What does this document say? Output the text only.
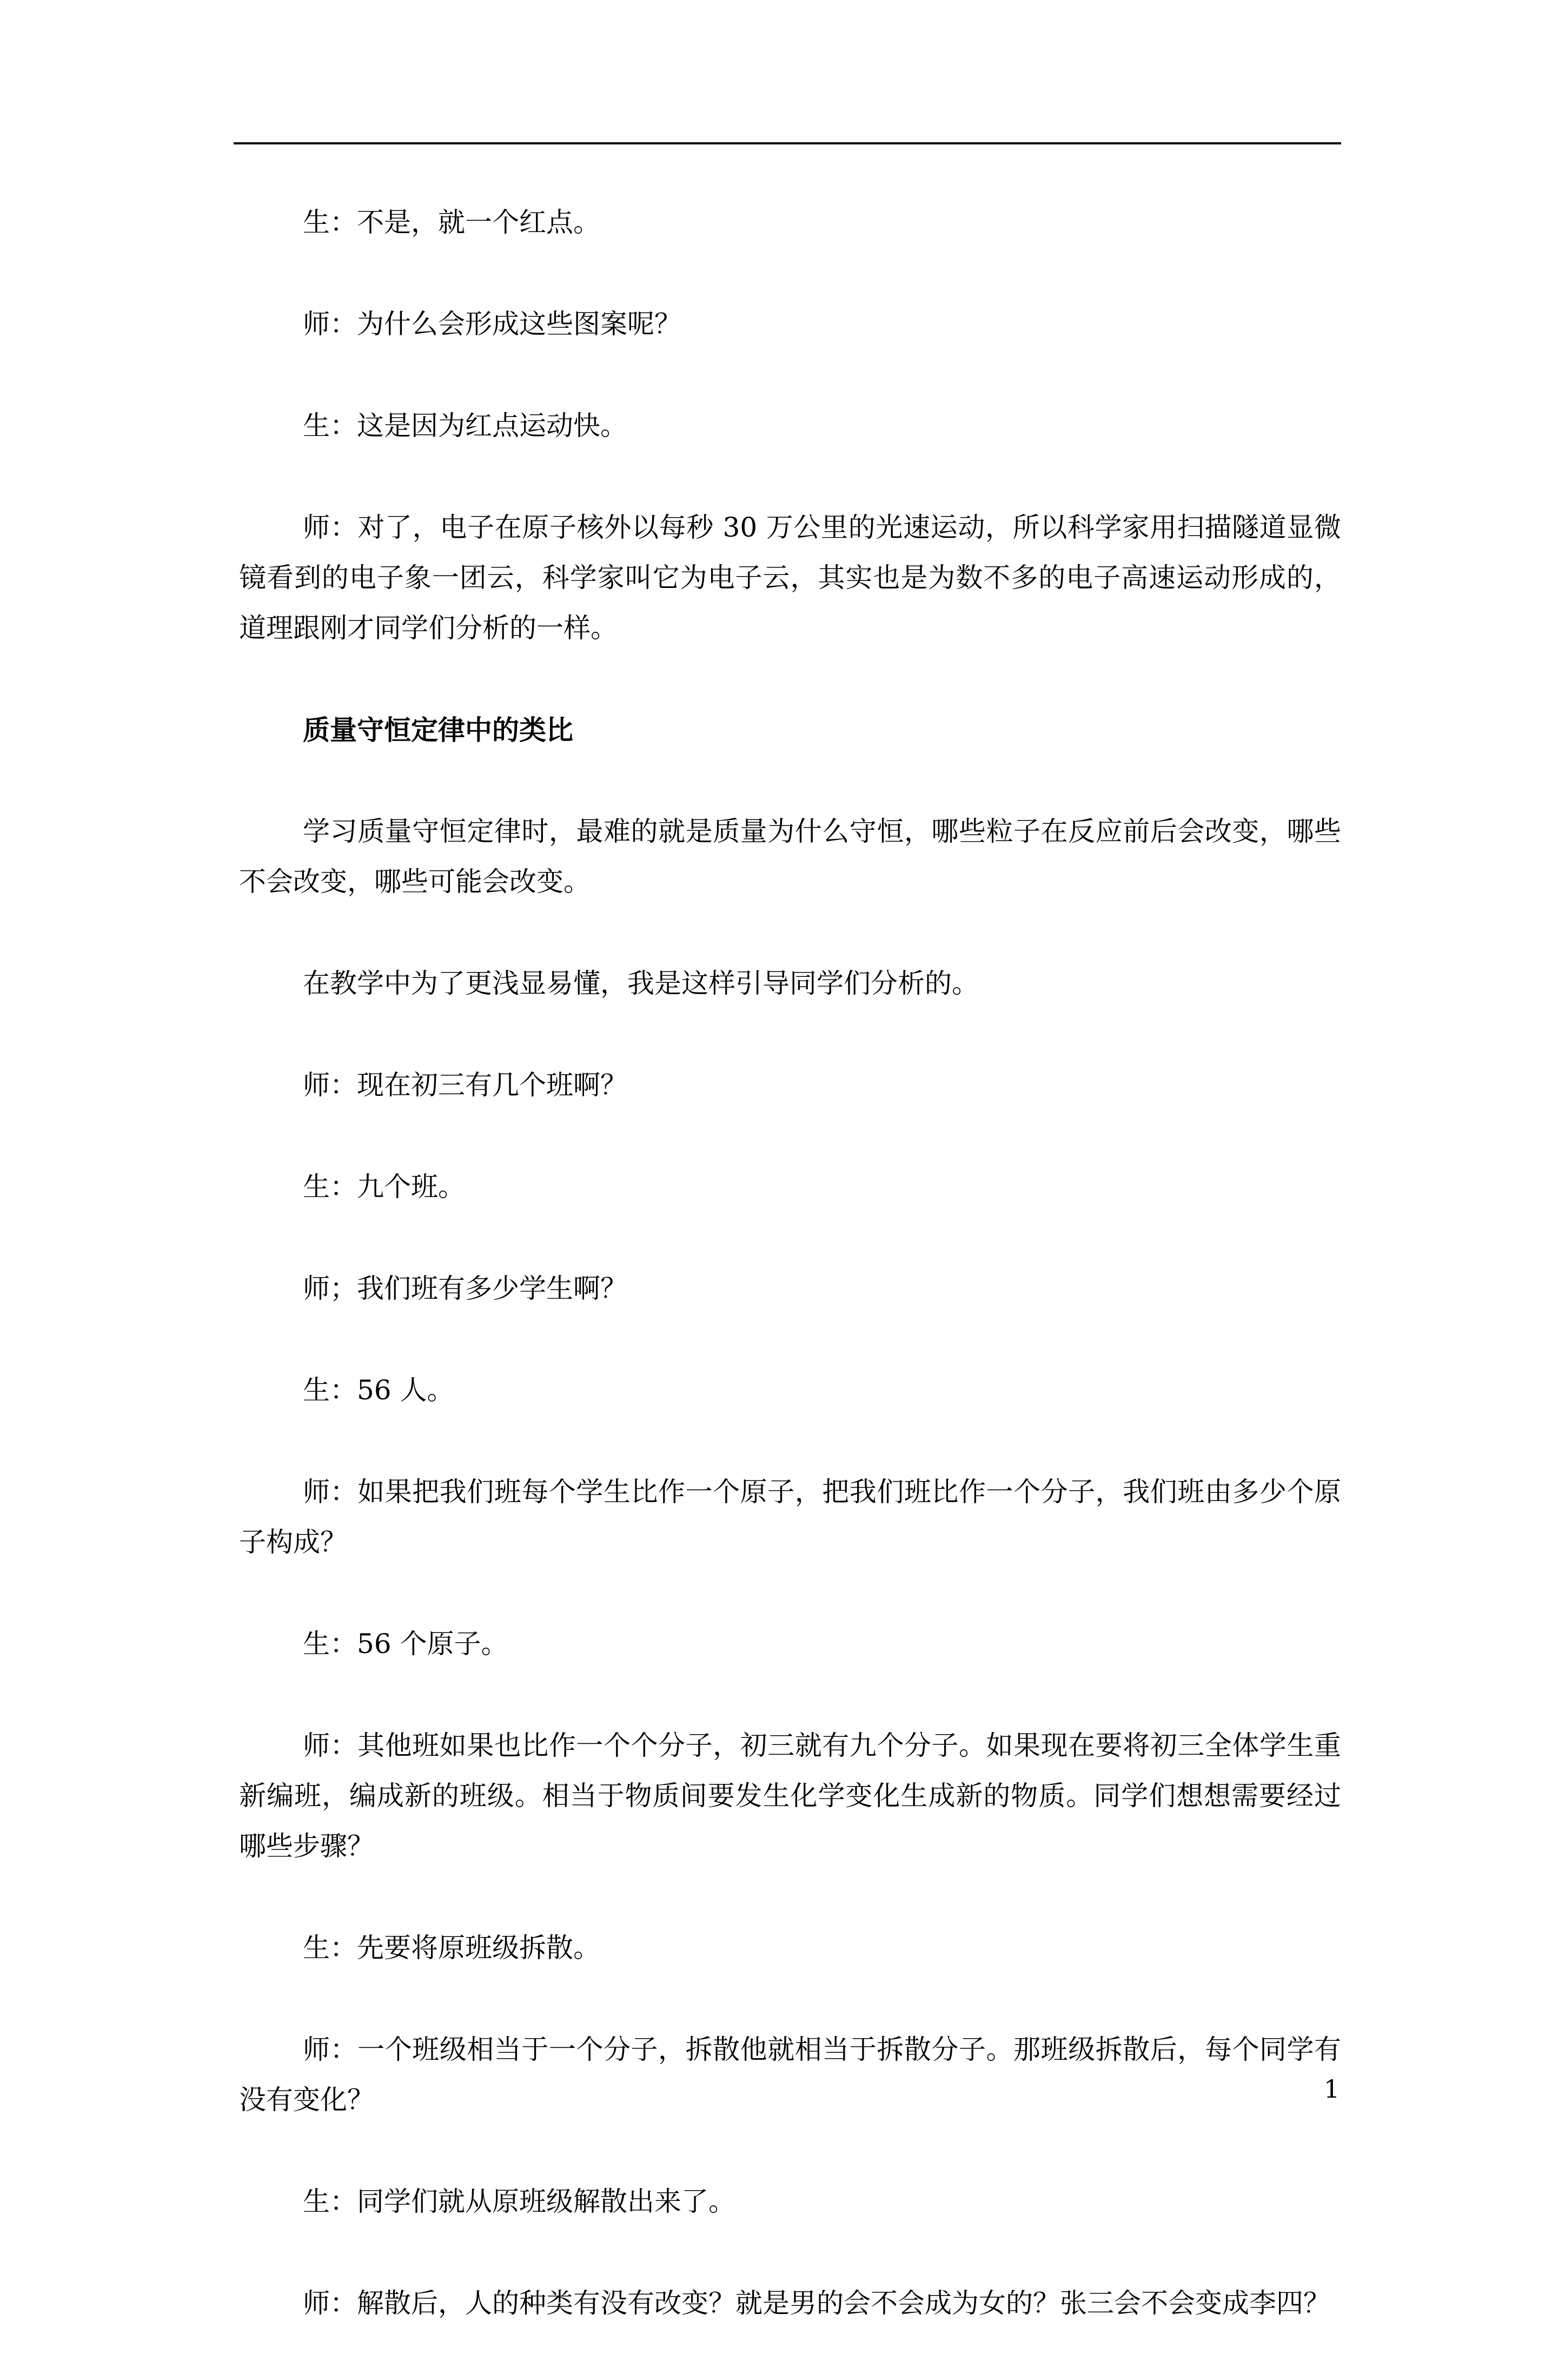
生：不是，就一个红点。

师：为什么会形成这些图案呢？

生：这是因为红点运动快。

师：对了，电子在原子核外以每秒 30 万公里的光速运动，所以科学家用扫描隧道显微镜看到的电子象一团云，科学家叫它为电子云，其实也是为数不多的电子高速运动形成的，道理跟刚才同学们分析的一样。

质量守恒定律中的类比

学习质量守恒定律时，最难的就是质量为什么守恒，哪些粒子在反应前后会改变，哪些不会改变，哪些可能会改变。

在教学中为了更浅显易懂，我是这样引导同学们分析的。

师：现在初三有几个班啊？

生：九个班。

师；我们班有多少学生啊？

生：56 人。

师：如果把我们班每个学生比作一个原子，把我们班比作一个分子，我们班由多少个原子构成？

生：56 个原子。

师：其他班如果也比作一个个分子，初三就有九个分子。如果现在要将初三全体学生重新编班，编成新的班级。相当于物质间要发生化学变化生成新的物质。同学们想想需要经过哪些步骤？

生：先要将原班级拆散。

师：一个班级相当于一个分子，拆散他就相当于拆散分子。那班级拆散后，每个同学有没有变化？

生：同学们就从原班级解散出来了。

师：解散后，人的种类有没有改变？就是男的会不会成为女的？张三会不会变成李四？

1
